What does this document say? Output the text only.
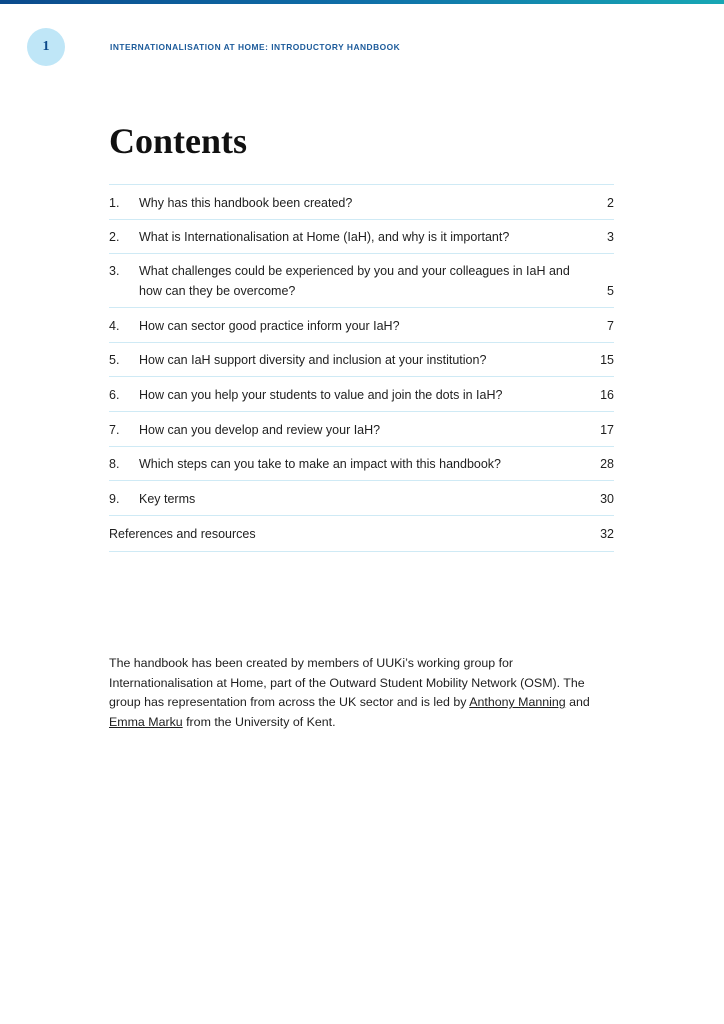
1	INTERNATIONALISATION AT HOME: INTRODUCTORY HANDBOOK
Contents
1.	Why has this handbook been created?	2
2.	What is Internationalisation at Home (IaH), and why is it important?	3
3.	What challenges could be experienced by you and your colleagues in IaH and
how can they be overcome?	5
4.	How can sector good practice inform your IaH?	7
5.	How can IaH support diversity and inclusion at your institution?	15
6.	How can you help your students to value and join the dots in IaH?	16
7.	How can you develop and review your IaH?	17
8.	Which steps can you take to make an impact with this handbook?	28
9.	Key terms	30
References and resources	32

The handbook has been created by members of UUKi’s working group for Internationalisation at Home, part of the Outward Student Mobility Network (OSM). The group has representation from across the UK sector and is led by Anthony Manning and Emma Marku from the University of Kent.
